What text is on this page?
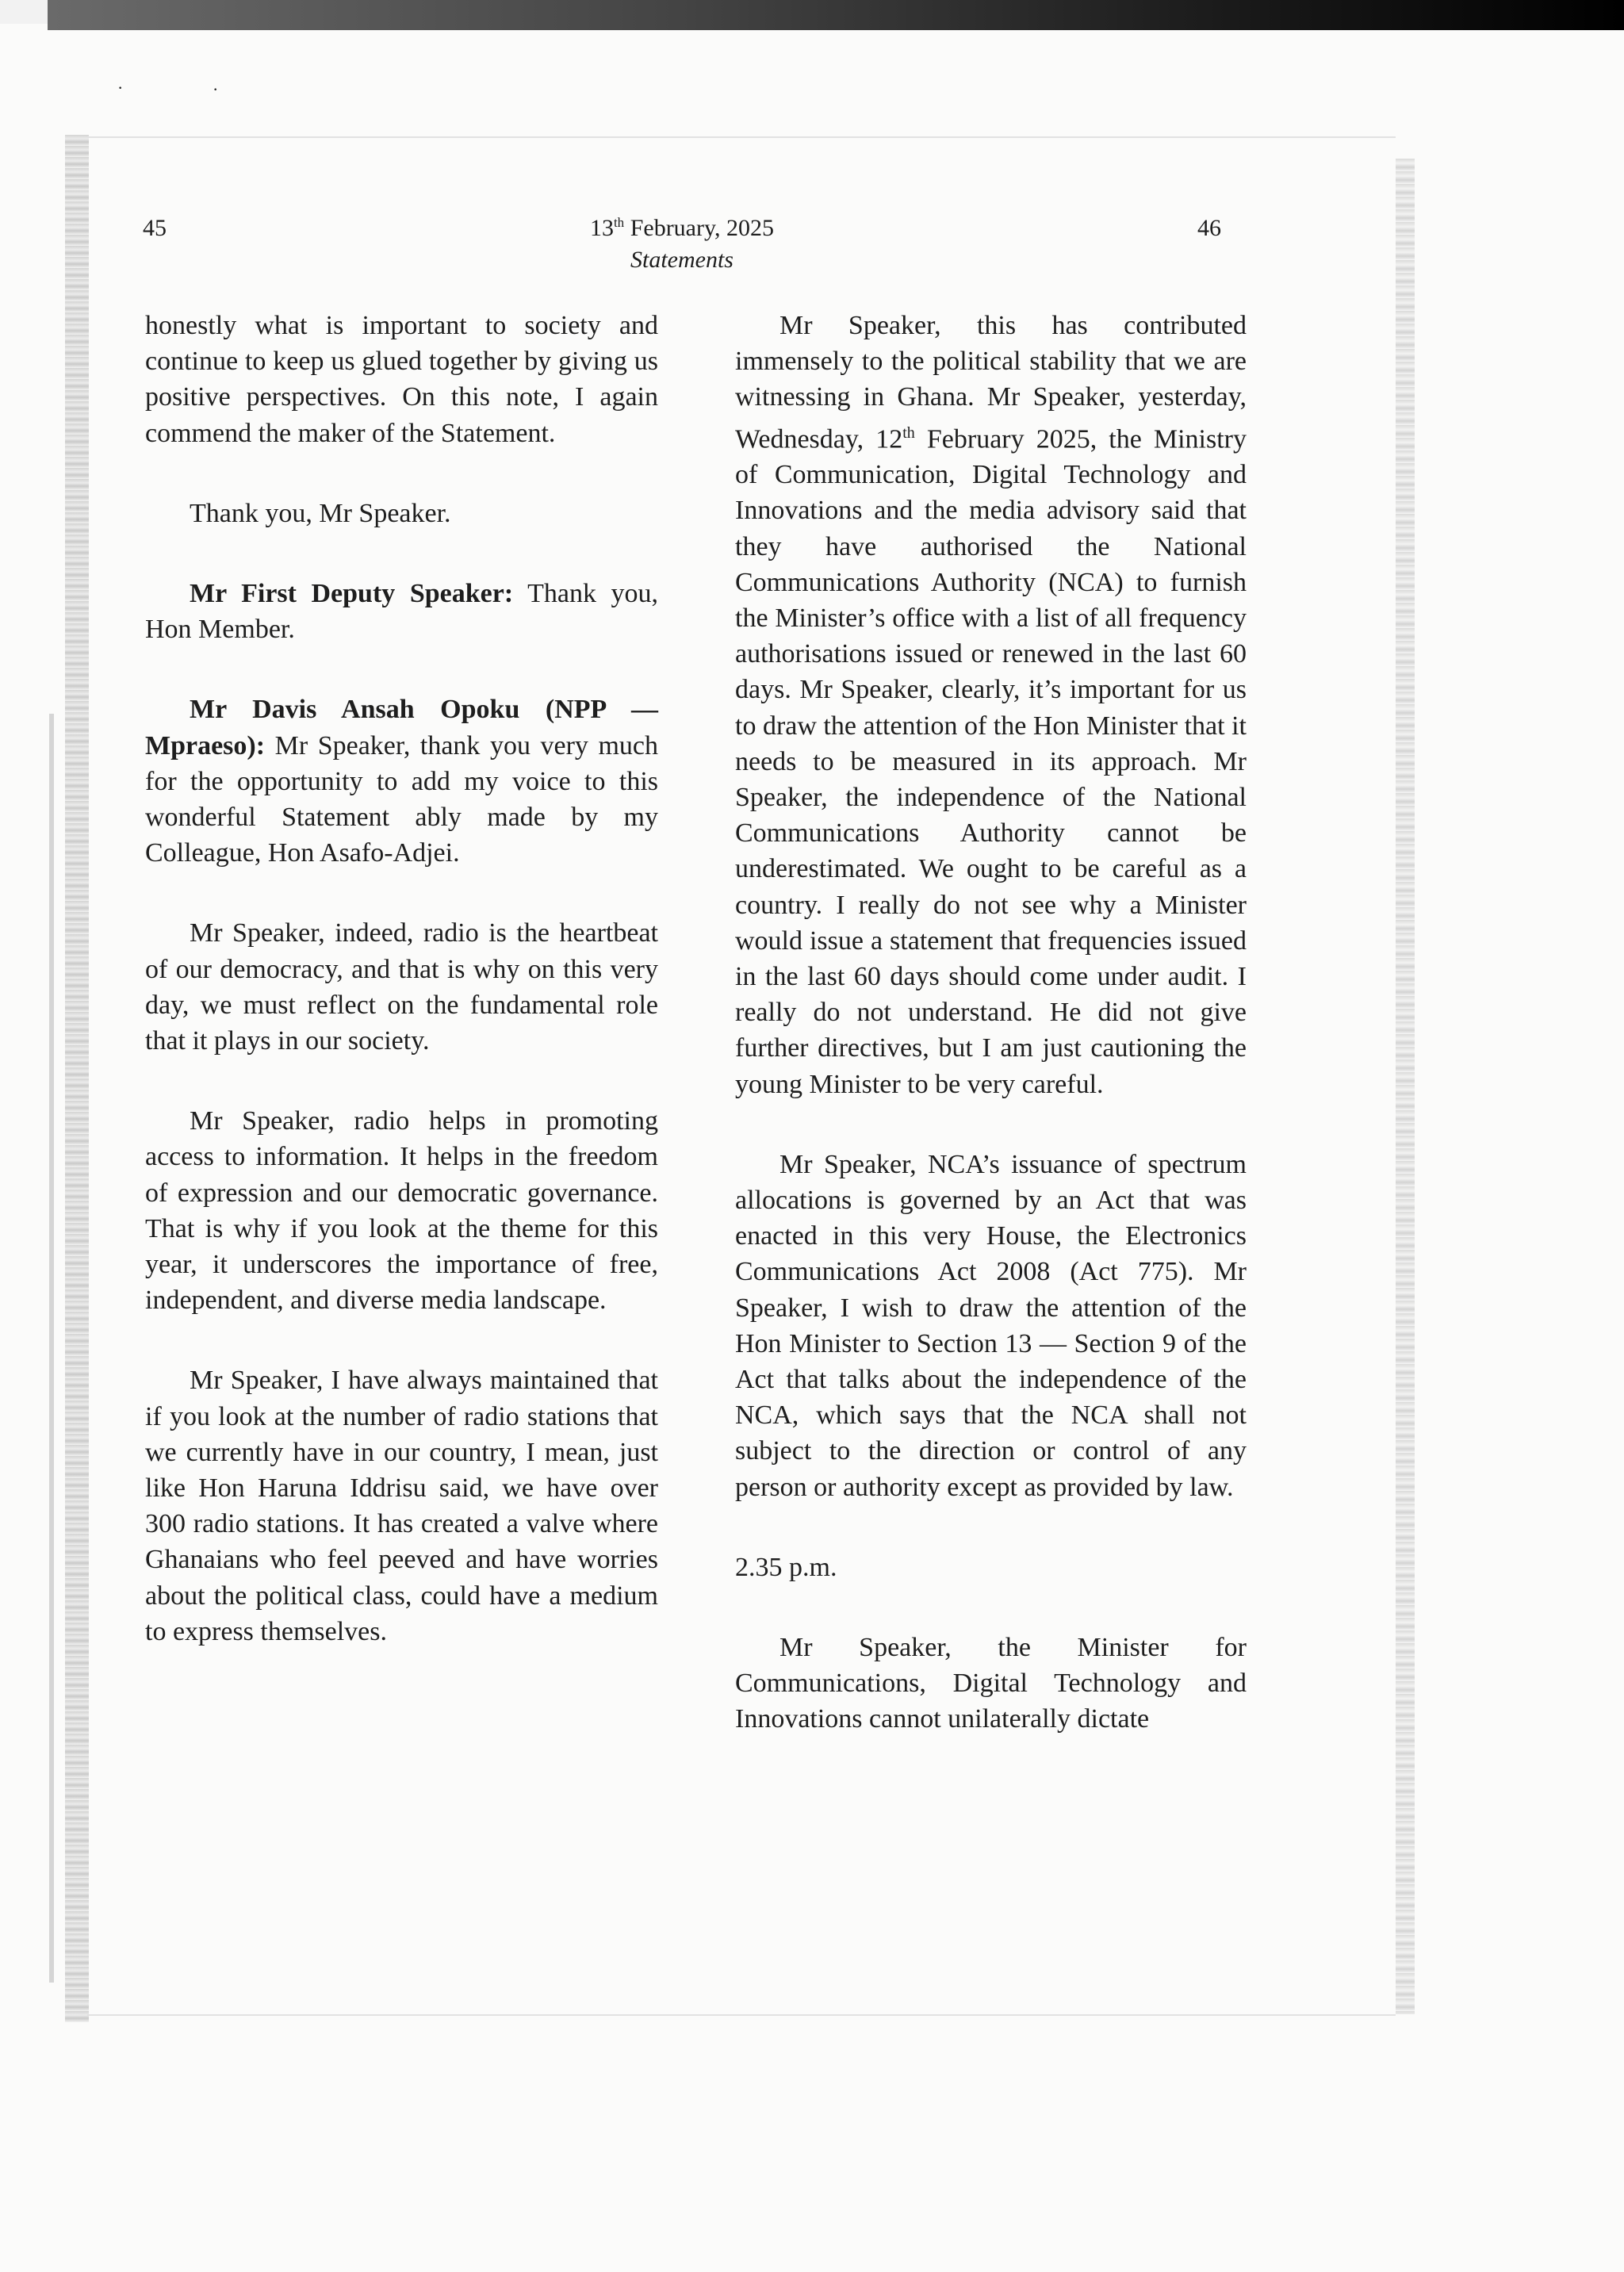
·	·
45	13th February, 2025
Statements
46

honestly what is important to society and continue to keep us glued together by giving us positive perspectives. On this note, I again commend the maker of the Statement.

Thank you, Mr Speaker.

Mr First Deputy Speaker: Thank you, Hon Member.

Mr Davis Ansah Opoku (NPP — Mpraeso): Mr Speaker, thank you very much for the opportunity to add my voice to this wonderful Statement ably made by my Colleague, Hon Asafo-Adjei.

Mr Speaker, indeed, radio is the heartbeat of our democracy, and that is why on this very day, we must reflect on the fundamental role that it plays in our society.

Mr Speaker, radio helps in promoting access to information. It helps in the freedom of expression and our democratic governance. That is why if you look at the theme for this year, it underscores the importance of free, independent, and diverse media landscape.

Mr Speaker, I have always maintained that if you look at the number of radio stations that we currently have in our country, I mean, just like Hon Haruna Iddrisu said, we have over 300 radio stations. It has created a valve where Ghanaians who feel peeved and have worries about the political class, could have a medium to express themselves.

Mr Speaker, this has contributed immensely to the political stability that we are witnessing in Ghana. Mr Speaker, yesterday, Wednesday, 12th February 2025, the Ministry of Communication, Digital Technology and Innovations and the media advisory said that they have authorised the National Communications Authority (NCA) to furnish the Minister’s office with a list of all frequency authorisations issued or renewed in the last 60 days. Mr Speaker, clearly, it’s important for us to draw the attention of the Hon Minister that it needs to be measured in its approach. Mr Speaker, the independence of the National Communications Authority cannot be underestimated. We ought to be careful as a country. I really do not see why a Minister would issue a statement that frequencies issued in the last 60 days should come under audit. I really do not understand. He did not give further directives, but I am just cautioning the young Minister to be very careful.

Mr Speaker, NCA’s issuance of spectrum allocations is governed by an Act that was enacted in this very House, the Electronics Communications Act 2008 (Act 775). Mr Speaker, I wish to draw the attention of the Hon Minister to Section 13 — Section 9 of the Act that talks about the independence of the NCA, which says that the NCA shall not subject to the direction or control of any person or authority except as provided by law.

2.35 p.m.

Mr Speaker, the Minister for Communications, Digital Technology and Innovations cannot unilaterally dictate
